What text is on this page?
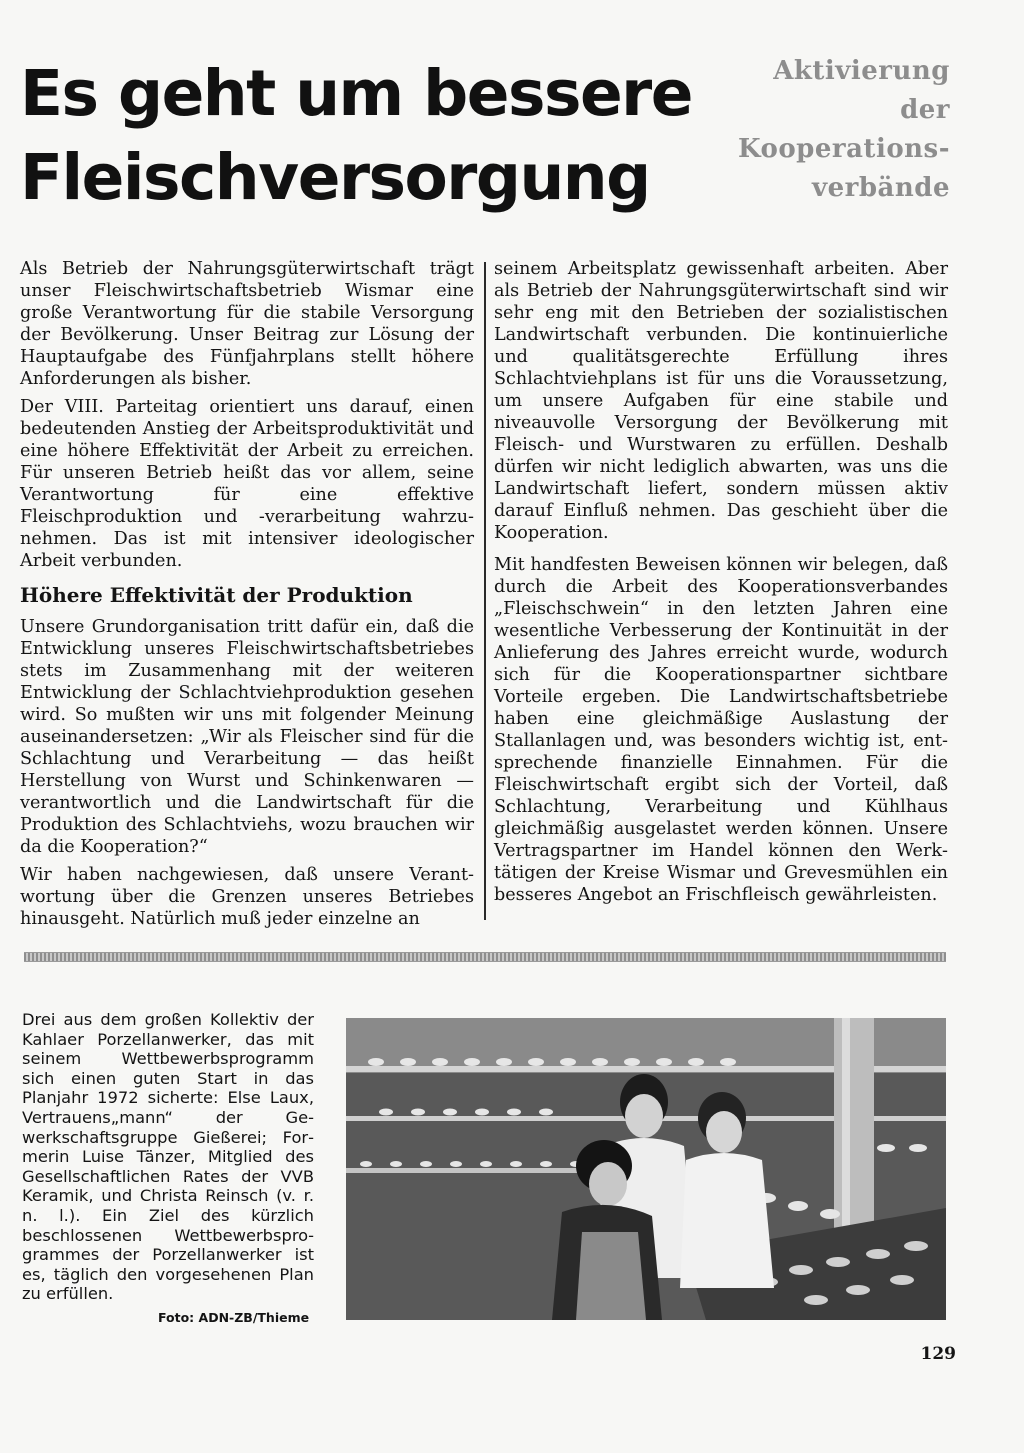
Es geht um bessere
Fleischversorgung
Aktivierung
der
Kooperations-
verbände

Als Betrieb der Nahrungsgüterwirtschaft trägt unser Fleischwirtschaftsbetrieb Wismar eine große Verantwortung für die stabile Versorgung der Bevölkerung. Unser Beitrag zur Lösung der Hauptaufgabe des Fünfjahrplans stellt höhere Anforderungen als bisher.

Der VIII. Parteitag orientiert uns darauf, einen bedeutenden Anstieg der Arbeitsproduktivität und eine höhere Effektivität der Arbeit zu erreichen. Für unseren Betrieb heißt das vor allem, seine Verantwortung für eine effektive Fleischproduktion und -verarbeitung wahrzunehmen. Das ist mit intensiver ideologischer Arbeit verbunden.

Höhere Effektivität der Produktion

Unsere Grundorganisation tritt dafür ein, daß die Entwicklung unseres Fleischwirtschaftsbetriebes stets im Zusammenhang mit der weiteren Entwicklung der Schlachtviehproduktion gesehen wird. So mußten wir uns mit folgender Meinung auseinandersetzen: „Wir als Fleischer sind für die Schlachtung und Verarbeitung — das heißt Herstellung von Wurst und Schinkenwaren — verantwortlich und die Landwirtschaft für die Produktion des Schlachtviehs, wozu brauchen wir da die Kooperation?“

Wir haben nachgewiesen, daß unsere Verantwortung über die Grenzen unseres Betriebes hinausgeht. Natürlich muß jeder einzelne an

seinem Arbeitsplatz gewissenhaft arbeiten. Aber als Betrieb der Nahrungsgüterwirtschaft sind wir sehr eng mit den Betrieben der sozialistischen Landwirtschaft verbunden. Die kontinuierliche und qualitätsgerechte Erfüllung ihres Schlachtviehplans ist für uns die Voraussetzung, um unsere Aufgaben für eine stabile und niveauvolle Versorgung der Bevölkerung mit Fleisch- und Wurstwaren zu erfüllen. Deshalb dürfen wir nicht lediglich abwarten, was uns die Landwirtschaft liefert, sondern müssen aktiv darauf Einfluß nehmen. Das geschieht über die Kooperation.

Mit handfesten Beweisen können wir belegen, daß durch die Arbeit des Kooperationsverbandes „Fleischschwein“ in den letzten Jahren eine wesentliche Verbesserung der Kontinuität in der Anlieferung des Jahres erreicht wurde, wodurch sich für die Kooperationspartner sichtbare Vorteile ergeben. Die Landwirtschaftsbetriebe haben eine gleichmäßige Auslastung der Stallanlagen und, was besonders wichtig ist, entsprechende finanzielle Einnahmen. Für die Fleischwirtschaft ergibt sich der Vorteil, daß Schlachtung, Verarbeitung und Kühlhaus gleichmäßig ausgelastet werden können. Unsere Vertragspartner im Handel können den Werktätigen der Kreise Wismar und Grevesmühlen ein besseres Angebot an Frischfleisch gewährleisten.

Drei aus dem großen Kollektiv der Kahlaer Porzellanwerker, das mit seinem Wettbewerbsprogramm sich einen guten Start in das Planjahr 1972 sicherte: Else Laux, Vertrauens„mann“ der Gewerkschaftsgruppe Gießerei; Formerin Luise Tänzer, Mitglied des Gesellschaftlichen Rates der VVB Keramik, und Christa Reinsch (v. r. n. l.). Ein Ziel des kürzlich beschlossenen Wettbewerbsprogrammes der Porzellanwerker ist es, täglich den vorgesehenen Plan zu erfüllen.

Foto: ADN-ZB/Thieme
129
